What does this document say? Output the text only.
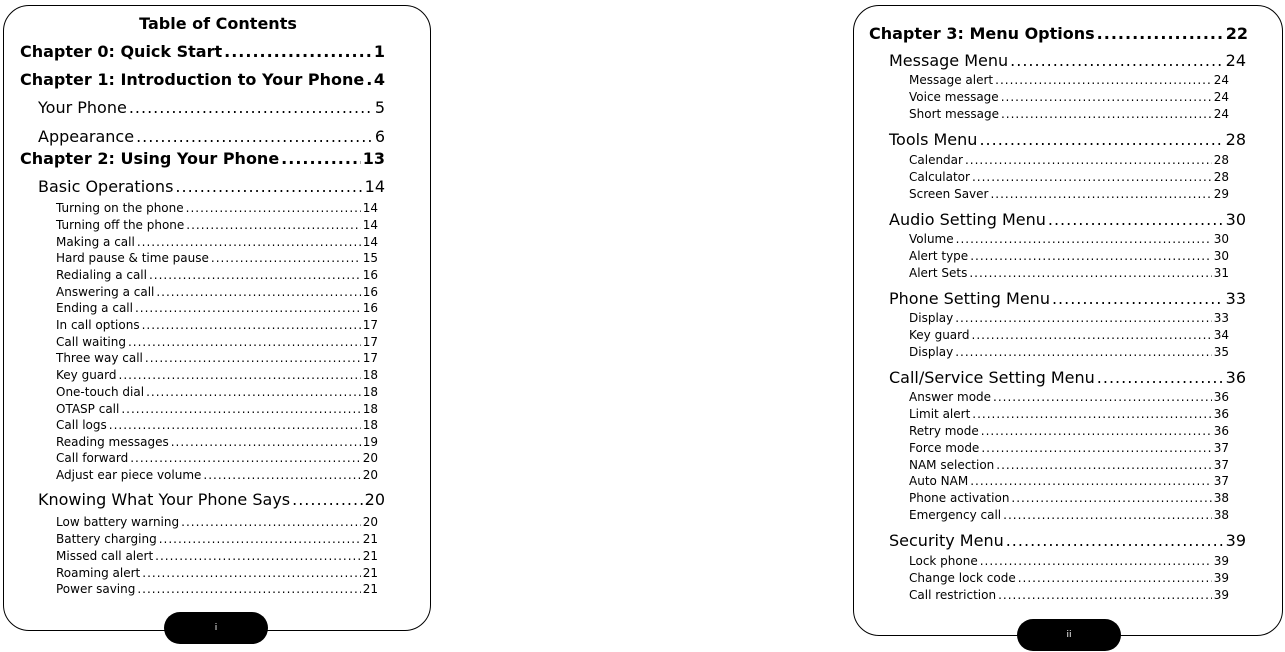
Table of Contents
Chapter 0: Quick Start .....	1
Chapter 1: Introduction to Your Phone ..... 4
Your Phone .....	5
Appearance .....	6
Chapter 2: Using Your Phone .....	13
Basic Operations .....	14
Turning on the phone .....	14
Turning off the phone .....	14
Making a call .....	14
Hard pause & time pause .....	15
Redialing a call .....	16
Answering a call .....	16
Ending a call .....	16
In call options .....	17
Call waiting .....	17
Three way call .....	17
Key guard .....	18
One-touch dial .....	18
OTASP call .....	18
Call logs .....	18
Reading messages .....	19
Call forward .....	20
Adjust ear piece volume .....	20
Knowing What Your Phone Says .....	20
Low battery warning .....	20
Battery charging .....	21
Missed call alert .....	21
Roaming alert .....	21
Power saving .....	21
i
Chapter 3: Menu Options .....	22
Message Menu .....	24
Message alert .....	24
Voice message .....	24
Short message .....	24
Tools Menu .....	28
Calendar .....	28
Calculator .....	28
Screen Saver .....	29
Audio Setting Menu .....	30
Volume .....	30
Alert type .....	30
Alert Sets .....	31
Phone Setting Menu .....	33
Display .....	33
Key guard .....	34
Display .....	35
Call/Service Setting Menu .....	36
Answer mode .....	36
Limit alert .....	36
Retry mode .....	36
Force mode .....	37
NAM selection .....	37
Auto NAM .....	37
Phone activation .....	38
Emergency call .....	38
Security Menu .....	39
Lock phone .....	39
Change lock code .....	39
Call restriction .....	39
ii
